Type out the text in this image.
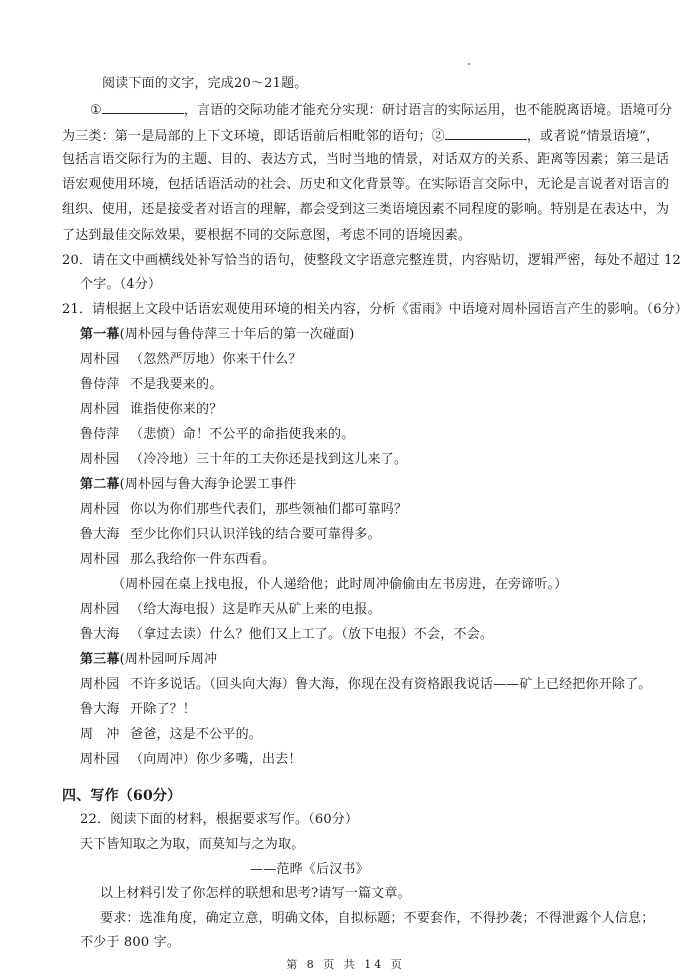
阅读下面的文字，完成20～21题。
①	，言语的交际功能才能充分实现：研讨语言的实际运用，也不能脱离语境。语境可分
为三类：第一是局部的上下文环境，即话语前后相毗邻的语句；②	，或者说“情景语境”，
包括言语交际行为的主题、目的、表达方式，当时当地的情景，对话双方的关系、距离等因素；第三是话
语宏观使用环境，包括话语活动的社会、历史和文化背景等。在实际语言交际中，无论是言说者对语言的
组织、使用，还是接受者对语言的理解，都会受到这三类语境因素不同程度的影响。特别是在表达中，为
了达到最佳交际效果，要根据不同的交际意图，考虑不同的语境因素。
20．请在文中画横线处补写恰当的语句，使整段文字语意完整连贯，内容贴切，逻辑严密，每处不超过 12
个字。（4分）
21．请根据上文段中话语宏观使用环境的相关内容，分析《雷雨》中语境对周朴园语言产生的影响。（6分）
第一幕(周朴园与鲁侍萍三十年后的第一次碰面)
周朴园 （忽然严厉地）你来干什么？
鲁侍萍 不是我要来的。
周朴园 谁指使你来的？
鲁侍萍 （悲愤）命！不公平的命指使我来的。
周朴园 （冷冷地）三十年的工夫你还是找到这儿来了。
第二幕(周朴园与鲁大海争论罢工事件
周朴园 你以为你们那些代表们，那些领袖们都可靠吗？
鲁大海 至少比你们只认识洋钱的结合要可靠得多。
周朴园 那么我给你一件东西看。
（周朴园在桌上找电报，仆人递给他；此时周冲偷偷由左书房进，在旁谛听。）
周朴园 （给大海电报）这是昨天从矿上来的电报。
鲁大海 （拿过去读）什么？他们又上工了。（放下电报）不会，不会。
第三幕(周朴园呵斥周冲
周朴园 不许多说话。（回头向大海）鲁大海，你现在没有资格跟我说话——矿上已经把你开除了。
鲁大海 开除了？！
周　冲 爸爸，这是不公平的。
周朴园 （向周冲）你少多嘴，出去！
四、写作（60分）
22．阅读下面的材料，根据要求写作。（60分）
天下皆知取之为取，而莫知与之为取。
——范晔《后汉书》
以上材料引发了你怎样的联想和思考?请写一篇文章。
要求：选准角度，确定立意，明确文体，自拟标题；不要套作，不得抄袭；不得泄露个人信息；
不少于 800 字。
第 8 页 共 14 页
